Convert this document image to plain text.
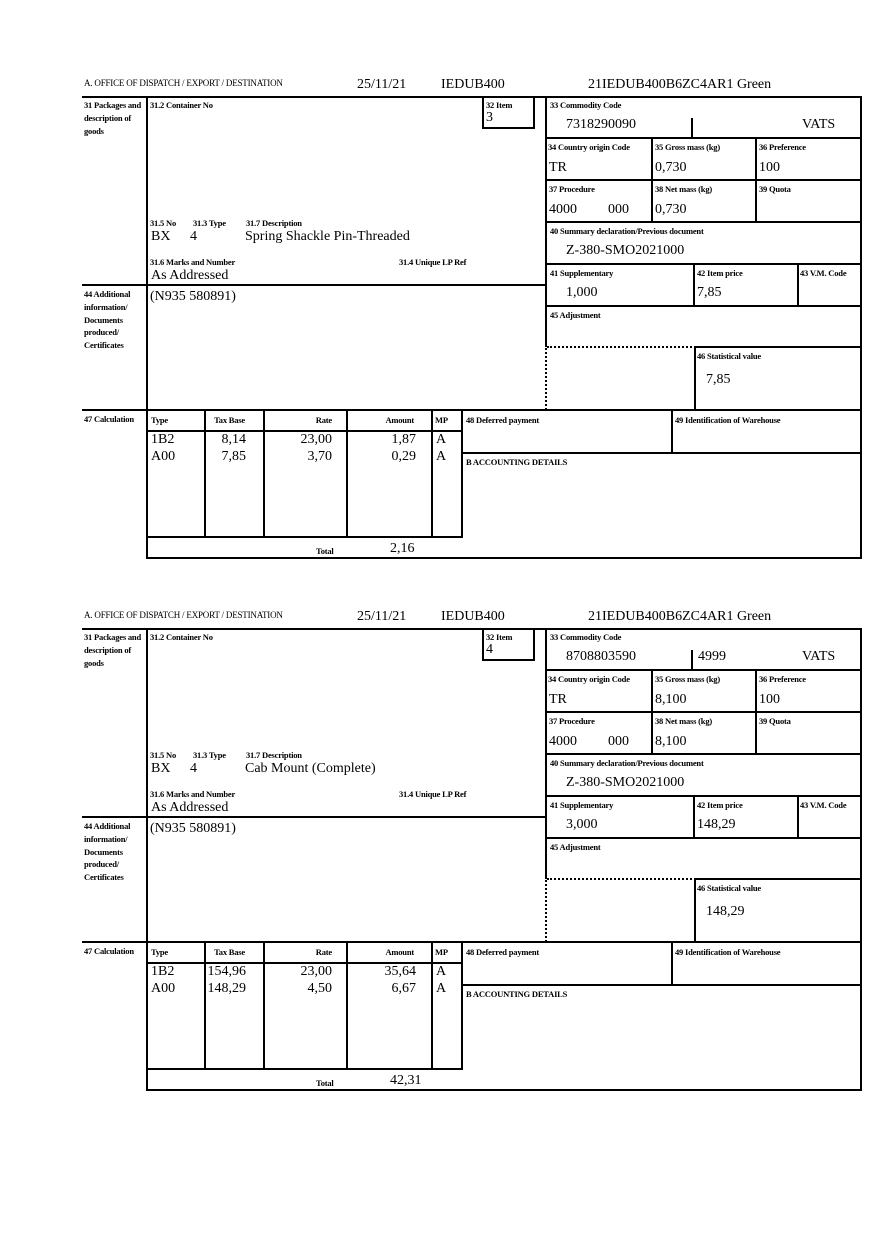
A. OFFICE OF DISPATCH / EXPORT / DESTINATION	25/11/21 IEDUB400	21IEDUB400B6ZC4AR1 Green
31 Packages and description of goods
31.2 Container No
31.5 No 31.3 Type 31.7 Description
BX 4	Spring Shackle Pin-Threaded
31.6 Marks and Number
As Addressed
31.4 Unique LP Ref
32 Item
3
44 Additional information/ Documents produced/ Certificates
(N935 580891)
33 Commodity Code
7318290090	VATS
34 Country origin Code
TR
35 Gross mass (kg)
0,730
36 Preference
100
37 Procedure
4000 000
38 Net mass (kg)
0,730
39 Quota
40 Summary declaration/Previous document
Z-380-SMO2021000
41 Supplementary
1,000
42 Item price
7,85
43 V.M. Code
45 Adjustment
46 Statistical value
7,85
47 Calculation	Type	Tax Base	Rate	Amount MP
1B2	8,14	23,00	1,87 A
A00	7,85	3,70	0,29 A
Total	2,16
48 Deferred payment	49 Identification of Warehouse
B ACCOUNTING DETAILS
A. OFFICE OF DISPATCH / EXPORT / DESTINATION	25/11/21 IEDUB400	21IEDUB400B6ZC4AR1 Green
31 Packages and description of goods
31.2 Container No
31.5 No 31.3 Type 31.7 Description
BX 4	Cab Mount (Complete)
31.6 Marks and Number
As Addressed
31.4 Unique LP Ref
32 Item
4
44 Additional information/ Documents produced/ Certificates
(N935 580891)
33 Commodity Code
8708803590	4999	VATS
34 Country origin Code
TR
35 Gross mass (kg)
8,100
36 Preference
100
37 Procedure
4000 000
38 Net mass (kg)
8,100
39 Quota
40 Summary declaration/Previous document
Z-380-SMO2021000
41 Supplementary
3,000
42 Item price
148,29
43 V.M. Code
45 Adjustment
46 Statistical value
148,29
47 Calculation	Type	Tax Base	Rate	Amount MP
1B2 154,96	23,00	35,64 A
A00 148,29	4,50	6,67 A
Total	42,31
48 Deferred payment	49 Identification of Warehouse
B ACCOUNTING DETAILS
